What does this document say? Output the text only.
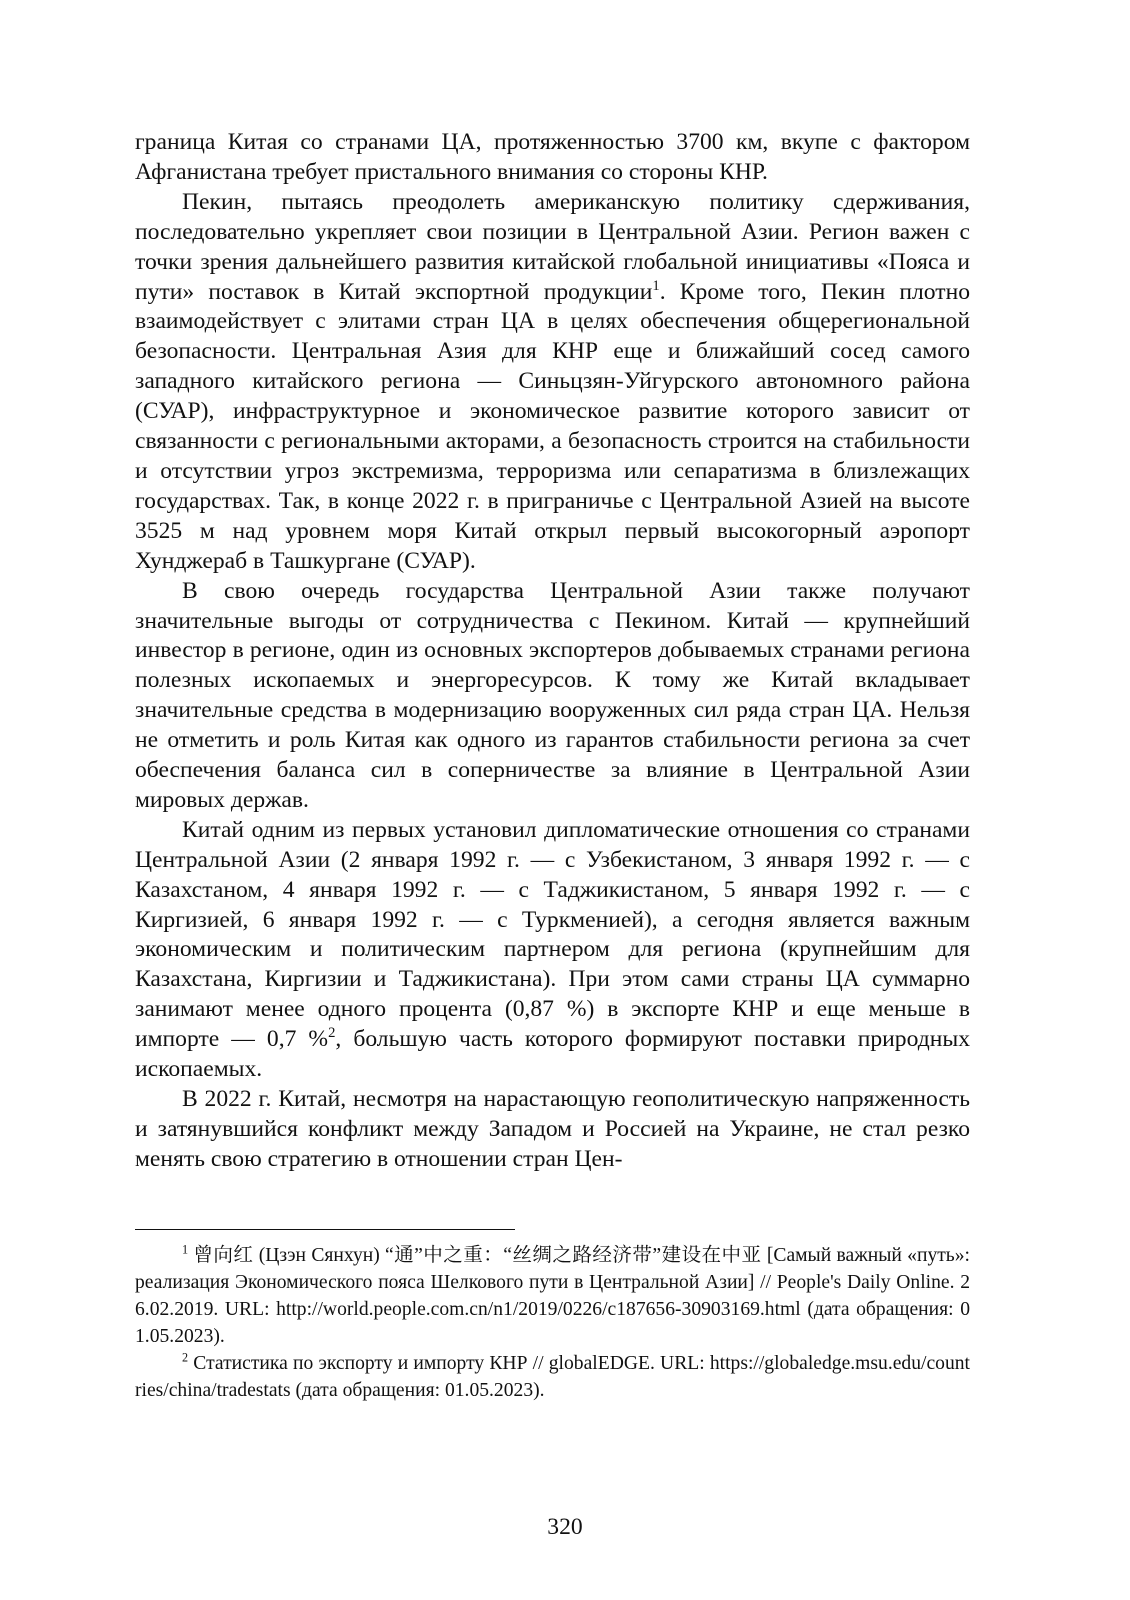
граница Китая со странами ЦА, протяженностью 3700 км, вкупе с фактором Афганистана требует пристального внимания со стороны КНР.

Пекин, пытаясь преодолеть американскую политику сдерживания, последовательно укрепляет свои позиции в Центральной Азии. Регион важен с точки зрения дальнейшего развития китайской глобальной инициативы «Пояса и пути» поставок в Китай экспортной продукции$^1$. Кроме того, Пекин плотно взаимодействует с элитами стран ЦА в целях обеспечения общерегиональной безопасности. Центральная Азия для КНР еще и ближайший сосед самого западного китайского региона — Синьцзян-Уйгурского автономного района (СУАР), инфраструктурное и экономическое развитие которого зависит от связанности с региональными акторами, а безопасность строится на стабильности и отсутствии угроз экстремизма, терроризма или сепаратизма в близлежащих государствах. Так, в конце 2022 г. в приграничье с Центральной Азией на высоте 3525 м над уровнем моря Китай открыл первый высокогорный аэропорт Хунджераб в Ташкургане (СУАР).

В свою очередь государства Центральной Азии также получают значительные выгоды от сотрудничества с Пекином. Китай — крупнейший инвестор в регионе, один из основных экспортеров добываемых странами региона полезных ископаемых и энергоресурсов. К тому же Китай вкладывает значительные средства в модернизацию вооруженных сил ряда стран ЦА. Нельзя не отметить и роль Китая как одного из гарантов стабильности региона за счет обеспечения баланса сил в соперничестве за влияние в Центральной Азии мировых держав.

Китай одним из первых установил дипломатические отношения со странами Центральной Азии (2 января 1992 г. — с Узбекистаном, 3 января 1992 г. — с Казахстаном, 4 января 1992 г. — с Таджикистаном, 5 января 1992 г. — с Киргизией, 6 января 1992 г. — с Туркменией), а сегодня является важным экономическим и политическим партнером для региона (крупнейшим для Казахстана, Киргизии и Таджикистана). При этом сами страны ЦА суммарно занимают менее одного процента (0,87 %) в экспорте КНР и еще меньше в импорте — 0,7 %$^2$, большую часть которого формируют поставки природных ископаемых.

В 2022 г. Китай, несмотря на нарастающую геополитическую напряженность и затянувшийся конфликт между Западом и Россией на Украине, не стал резко менять свою стратегию в отношении стран Цен-

$^1$ 曾向红 (Цзэн Сянхун) “通”中之重：“丝绸之路经济带”建设在中亚 [Самый важный «путь»: реализация Экономического пояса Шелкового пути в Центральной Азии] // People's Daily Online. 26.02.2019. URL: http://world.people.com.cn/n1/2019/0226/c187656-30903169.html (дата обращения: 01.05.2023).

$^2$ Статистика по экспорту и импорту КНР // globalEDGE. URL: https://globaledge.msu.edu/countries/china/tradestats (дата обращения: 01.05.2023).

320
